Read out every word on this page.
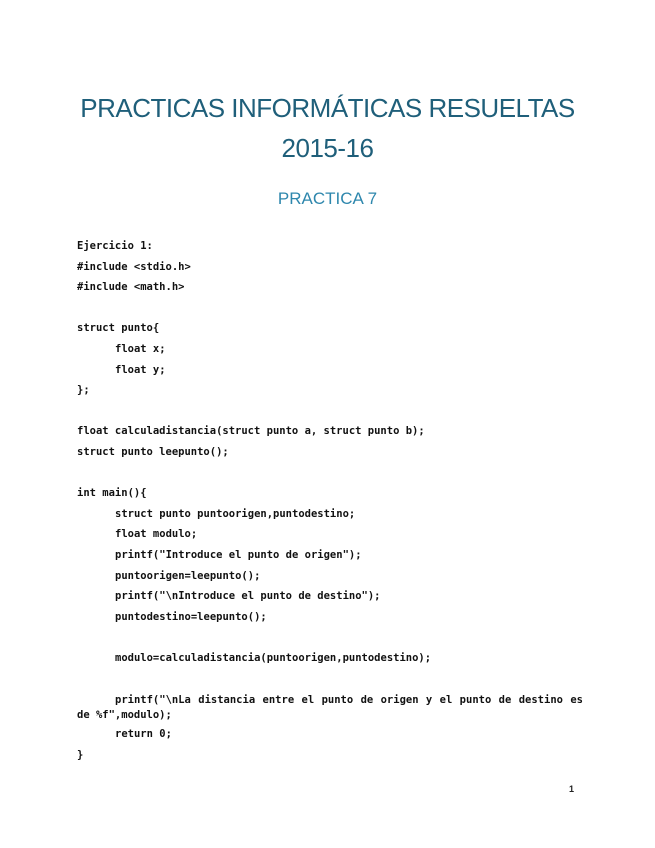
PRACTICAS INFORMÁTICAS RESUELTAS
2015-16
PRACTICA 7
Ejercicio 1:
#include <stdio.h>
#include <math.h>
struct punto{
float x;
float y;
};
float calculadistancia(struct punto a, struct punto b);
struct punto leepunto();
int main(){
struct punto puntoorigen,puntodestino;
float modulo;
printf("Introduce el punto de origen");
puntoorigen=leepunto();
printf("\nIntroduce el punto de destino");
puntodestino=leepunto();
modulo=calculadistancia(puntoorigen,puntodestino);
printf("\nLa distancia entre el punto de origen y el punto de destino es de %f",modulo);
return 0;
}
1
